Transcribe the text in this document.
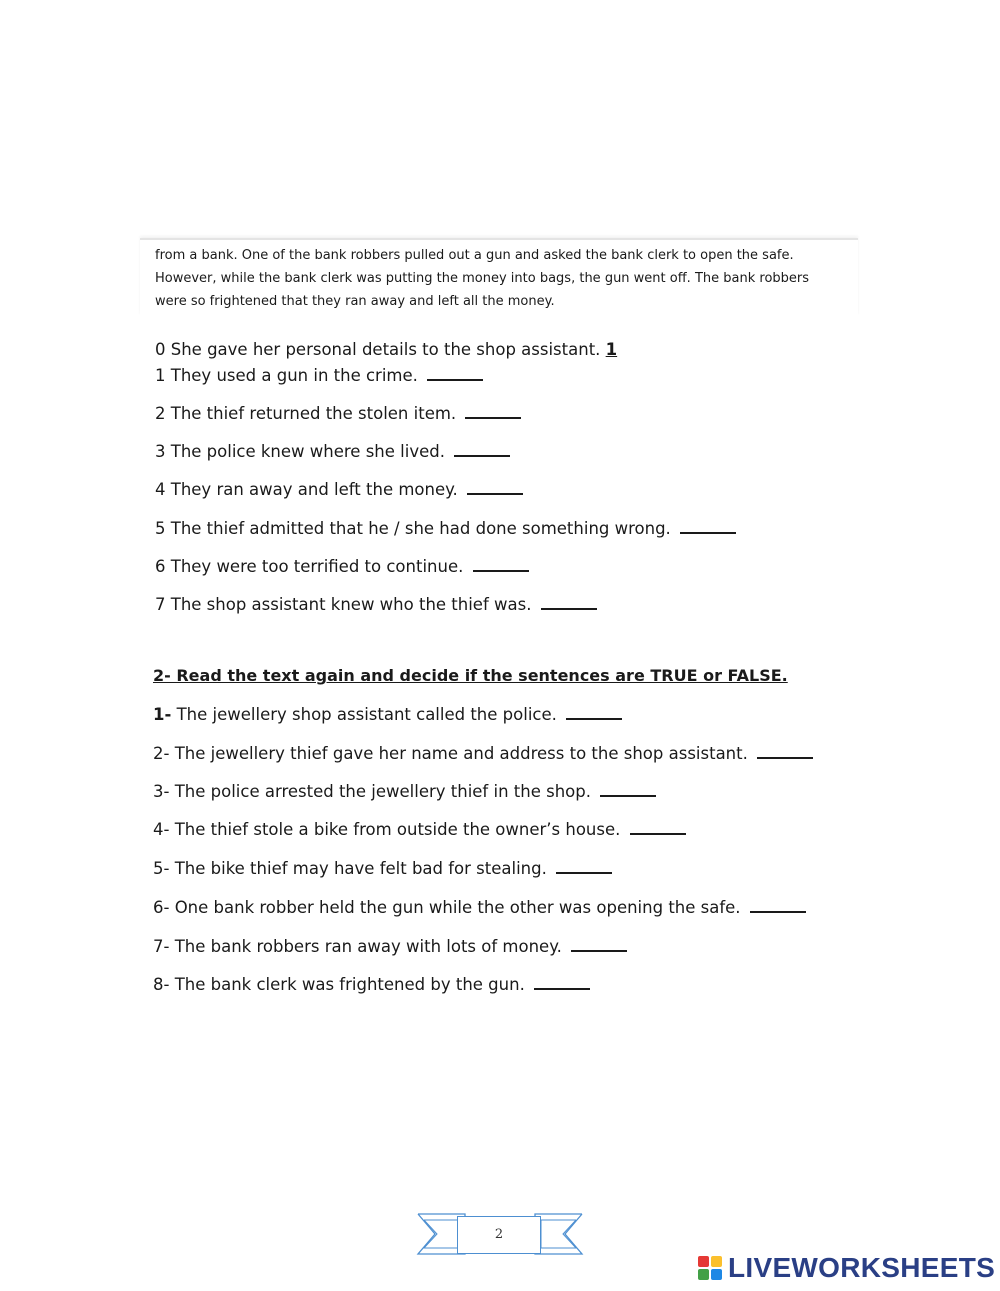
from a bank. One of the bank robbers pulled out a gun and asked the bank clerk to open the safe.
However, while the bank clerk was putting the money into bags, the gun went off. The bank robbers
were so frightened that they ran away and left all the money.
0 She gave her personal details to the shop assistant. 1
1 They used a gun in the crime.
2 The thief returned the stolen item.
3 The police knew where she lived.
4 They ran away and left the money.
5 The thief admitted that he / she had done something wrong.
6 They were too terrified to continue.
7 The shop assistant knew who the thief was.
2- Read the text again and decide if the sentences are TRUE or FALSE.
1- The jewellery shop assistant called the police.
2- The jewellery thief gave her name and address to the shop assistant.
3- The police arrested the jewellery thief in the shop.
4- The thief stole a bike from outside the owner’s house.
5- The bike thief may have felt bad for stealing.
6- One bank robber held the gun while the other was opening the safe.
7- The bank robbers ran away with lots of money.
8- The bank clerk was frightened by the gun.
2
LIVEWORKSHEETS
